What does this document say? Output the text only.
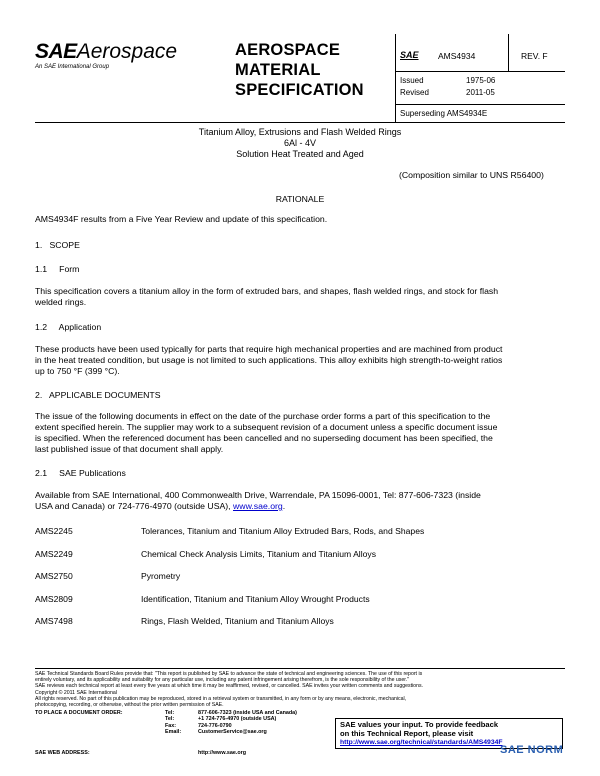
SAEAerospace
An SAE International Group
AEROSPACE
MATERIAL
SPECIFICATION
SAE AMS4934	REV. F
Issued	1975-06
Revised	2011-05
Superseding AMS4934E
Titanium Alloy, Extrusions and Flash Welded Rings
6Al - 4V
Solution Heat Treated and Aged
(Composition similar to UNS R56400)
RATIONALE
AMS4934F results from a Five Year Review and update of this specification.
1.   SCOPE
1.1     Form
This specification covers a titanium alloy in the form of extruded bars, and shapes, flash welded rings, and stock for flash
welded rings.
1.2     Application
These products have been used typically for parts that require high mechanical properties and are machined from product
in the heat treated condition, but usage is not limited to such applications. This alloy exhibits high strength-to-weight ratios
up to 750 °F (399 °C).
2.   APPLICABLE DOCUMENTS
The issue of the following documents in effect on the date of the purchase order forms a part of this specification to the
extent specified herein. The supplier may work to a subsequent revision of a document unless a specific document issue
is specified. When the referenced document has been cancelled and no superseding document has been specified, the
last published issue of that document shall apply.
2.1     SAE Publications
Available from SAE International, 400 Commonwealth Drive, Warrendale, PA 15096-0001, Tel: 877-606-7323 (inside
USA and Canada) or 724-776-4970 (outside USA), www.sae.org.
AMS2245	Tolerances, Titanium and Titanium Alloy Extruded Bars, Rods, and Shapes
AMS2249	Chemical Check Analysis Limits, Titanium and Titanium Alloys
AMS2750	Pyrometry
AMS2809	Identification, Titanium and Titanium Alloy Wrought Products
AMS7498	Rings, Flash Welded, Titanium and Titanium Alloys
SAE Technical Standards Board Rules provide that: "This report is published by SAE to advance the state of technical and engineering sciences. The use of this report is
entirely voluntary, and its applicability and suitability for any particular use, including any patent infringement arising therefrom, is the sole responsibility of the user."
SAE reviews each technical report at least every five years at which time it may be reaffirmed, revised, or cancelled. SAE invites your written comments and suggestions.
Copyright © 2011 SAE International
All rights reserved. No part of this publication may be reproduced, stored in a retrieval system or transmitted, in any form or by any means, electronic, mechanical,
photocopying, recording, or otherwise, without the prior written permission of SAE.
TO PLACE A DOCUMENT ORDER:	Tel:	877-606-7323 (inside USA and Canada)
Tel:	+1 724-776-4970 (outside USA)
Fax:	724-776-0790
Email:	CustomerService@sae.org
SAE WEB ADDRESS:	http://www.sae.org
SAE values your input. To provide feedback
on this Technical Report, please visit
http://www.sae.org/technical/standards/AMS4934F
SAE NORM
